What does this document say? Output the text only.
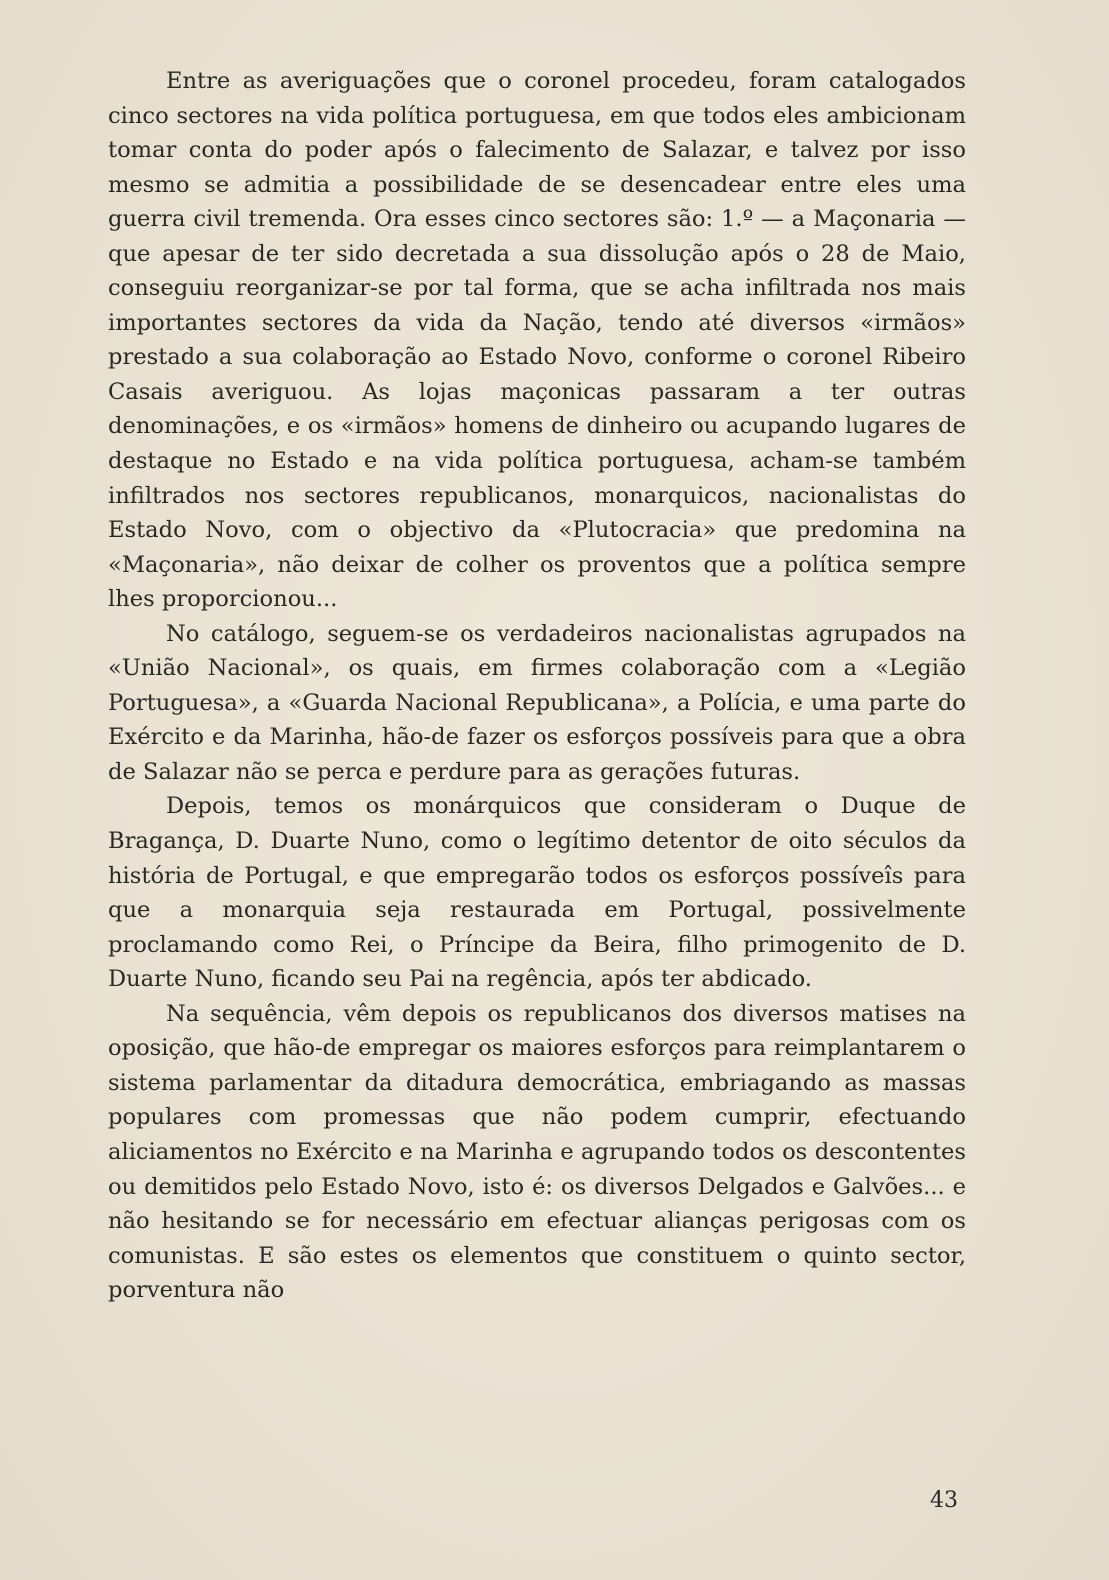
Entre as averiguações que o coronel procedeu, foram catalogados cinco sectores na vida política portuguesa, em que todos eles ambicionam tomar conta do poder após o falecimento de Salazar, e talvez por isso mesmo se admitia a possibilidade de se desencadear entre eles uma guerra civil tremenda. Ora esses cinco sectores são: 1.º — a Maçonaria — que apesar de ter sido decretada a sua dissolução após o 28 de Maio, conseguiu reorganizar-se por tal forma, que se acha infiltrada nos mais importantes sectores da vida da Nação, tendo até diversos «irmãos» prestado a sua colaboração ao Estado Novo, conforme o coronel Ribeiro Casais averiguou. As lojas maçonicas passaram a ter outras denominações, e os «irmãos» homens de dinheiro ou acupando lugares de destaque no Estado e na vida política portuguesa, acham-se também infiltrados nos sectores republicanos, monarquicos, nacionalistas do Estado Novo, com o objectivo da «Plutocracia» que predomina na «Maçonaria», não deixar de colher os proventos que a política sempre lhes proporcionou...

No catálogo, seguem-se os verdadeiros nacionalistas agrupados na «União Nacional», os quais, em firmes colaboração com a «Legião Portuguesa», a «Guarda Nacional Republicana», a Polícia, e uma parte do Exército e da Marinha, hão-de fazer os esforços possíveis para que a obra de Salazar não se perca e perdure para as gerações futuras.

Depois, temos os monárquicos que consideram o Duque de Bragança, D. Duarte Nuno, como o legítimo detentor de oito séculos da história de Portugal, e que empregarão todos os esforços possíveîs para que a monarquia seja restaurada em Portugal, possivelmente proclamando como Rei, o Príncipe da Beira, filho primogenito de D. Duarte Nuno, ficando seu Pai na regência, após ter abdicado.

Na sequência, vêm depois os republicanos dos diversos matises na oposição, que hão-de empregar os maiores esforços para reimplantarem o sistema parlamentar da ditadura democrática, embriagando as massas populares com promessas que não podem cumprir, efectuando aliciamentos no Exército e na Marinha e agrupando todos os descontentes ou demitidos pelo Estado Novo, isto é: os diversos Delgados e Galvões... e não hesitando se for necessário em efectuar alianças perigosas com os comunistas. E são estes os elementos que constituem o quinto sector, porventura não

43
